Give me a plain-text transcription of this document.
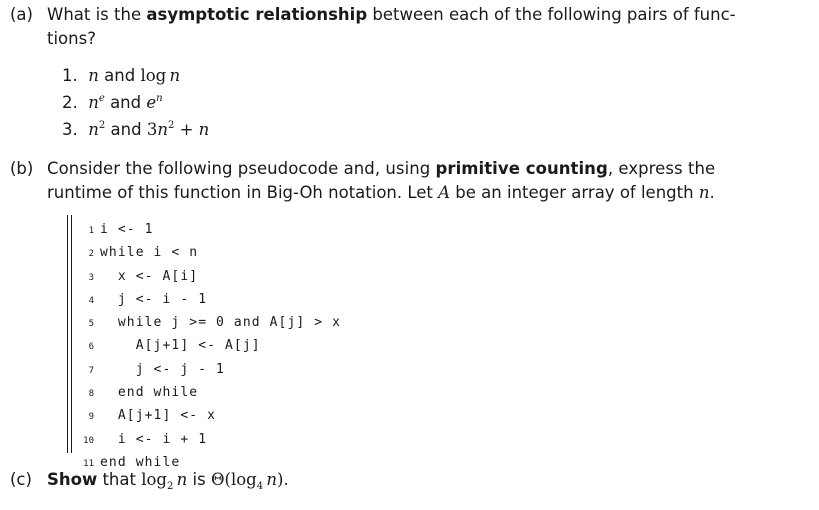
(a) What is the asymptotic relationship between each of the following pairs of func-
tions?
1. n and log n
2. $n^e$ and $e^n$
3. $n^2$ and $3n^2 + n$
(b) Consider the following pseudocode and, using primitive counting, express the
runtime of this function in Big-Oh notation. Let A be an integer array of length n.
1 i <- 1
2 while i < n
3  x <- A[i]
4  j <- i - 1
5  while j >= 0 and A[j] > x
6    A[j+1] <- A[j]
7    j <- j - 1
8  end while
9  A[j+1] <- x
10  i <- i + 1
11 end while
(c) Show that $\log_2 n$ is $\Theta(\log_4$  n).
